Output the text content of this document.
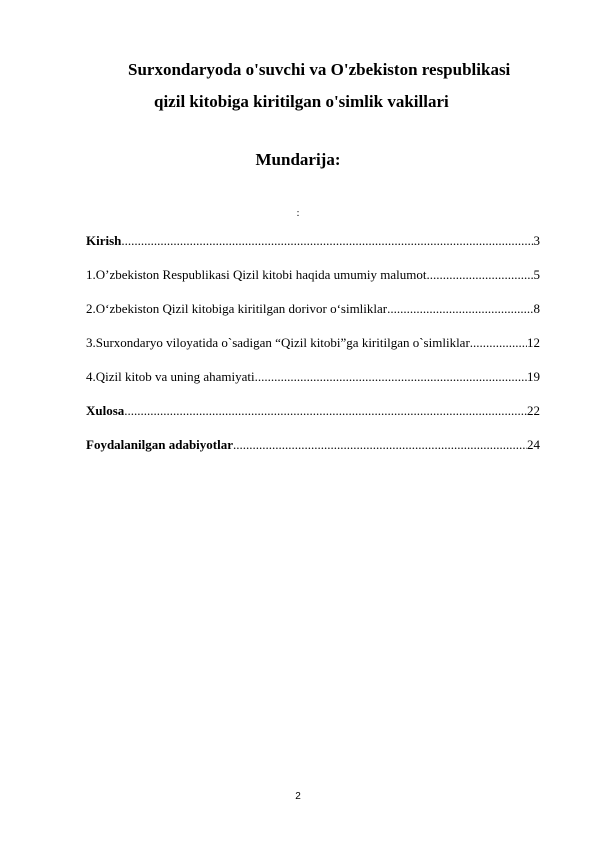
Surxondaryoda o'suvchi va O'zbekiston respublikasi

qizil kitobiga kiritilgan o'simlik vakillari

Mundarija:

:
Kirish .....	3
1.O’zbekiston Respublikasi Qizil kitobi haqida umumiy malumot .....	5
2.O‘zbekiston Qizil kitobiga kiritilgan dorivor o‘simliklar .....	8
3.Surxondaryo viloyatida o`sadigan “Qizil kitobi”ga kiritilgan o`simliklar .....	12
4.Qizil kitob va uning ahamiyati .....	19
Xulosa .....	22
Foydalanilgan adabiyotlar .....	24
2
